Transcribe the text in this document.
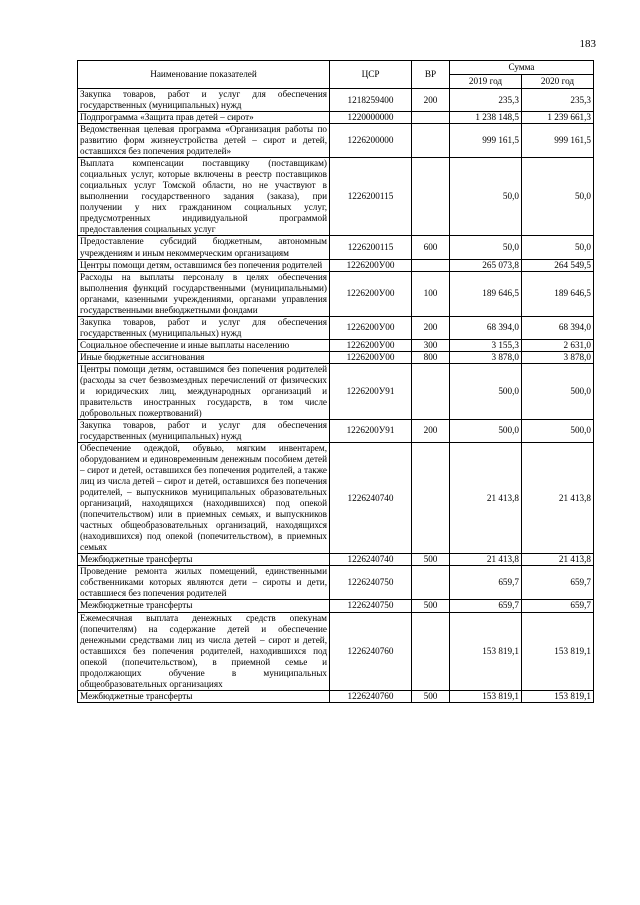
183
Наименование показателей	ЦСР	ВР	Сумма	
			2019 год	2020 год
Закупка товаров, работ и услуг для обеспечения государственных (муниципальных) нужд	1218259400	200	235,3	235,3
Подпрограмма «Защита прав детей – сирот»	1220000000		1 238 148,5	1 239 661,3
Ведомственная целевая программа «Организация работы по развитию форм жизнеустройства детей – сирот и детей, оставшихся без попечения родителей»	1226200000		999 161,5	999 161,5
Выплата компенсации поставщику (поставщикам) социальных услуг, которые включены в реестр поставщиков социальных услуг Томской области, но не участвуют в выполнении государственного задания (заказа), при получении у них гражданином социальных услуг, предусмотренных индивидуальной программой предоставления социальных услуг	1226200115		50,0	50,0
Предоставление субсидий бюджетным, автономным учреждениям и иным некоммерческим организациям	1226200115	600	50,0	50,0
Центры помощи детям, оставшимся без попечения родителей	1226200У00		265 073,8	264 549,5
Расходы на выплаты персоналу в целях обеспечения выполнения функций государственными (муниципальными) органами, казенными учреждениями, органами управления государственными внебюджетными фондами	1226200У00	100	189 646,5	189 646,5
Закупка товаров, работ и услуг для обеспечения государственных (муниципальных) нужд	1226200У00	200	68 394,0	68 394,0
Социальное обеспечение и иные выплаты населению	1226200У00	300	3 155,3	2 631,0
Иные бюджетные ассигнования	1226200У00	800	3 878,0	3 878,0
Центры помощи детям, оставшимся без попечения родителей (расходы за счет безвозмездных перечислений от физических и юридических лиц, международных организаций и правительств иностранных государств, в том числе добровольных пожертвований)	1226200У91		500,0	500,0
Закупка товаров, работ и услуг для обеспечения государственных (муниципальных) нужд	1226200У91	200	500,0	500,0
Обеспечение одеждой, обувью, мягким инвентарем, оборудованием и единовременным денежным пособием детей – сирот и детей, оставшихся без попечения родителей, а также лиц из числа детей – сирот и детей, оставшихся без попечения родителей, – выпускников муниципальных образовательных организаций, находящихся (находившихся) под опекой (попечительством) или в приемных семьях, и выпускников частных общеобразовательных организаций, находящихся (находившихся) под опекой (попечительством), в приемных семьях	1226240740		21 413,8	21 413,8
Межбюджетные трансферты	1226240740	500	21 413,8	21 413,8
Проведение ремонта жилых помещений, единственными собственниками которых являются дети – сироты и дети, оставшиеся без попечения родителей	1226240750		659,7	659,7
Межбюджетные трансферты	1226240750	500	659,7	659,7
Ежемесячная выплата денежных средств опекунам (попечителям) на содержание детей и обеспечение денежными средствами лиц из числа детей – сирот и детей, оставшихся без попечения родителей, находившихся под опекой (попечительством), в приемной семье и продолжающих обучение в муниципальных общеобразовательных организациях	1226240760		153 819,1	153 819,1
Межбюджетные трансферты	1226240760	500	153 819,1	153 819,1
